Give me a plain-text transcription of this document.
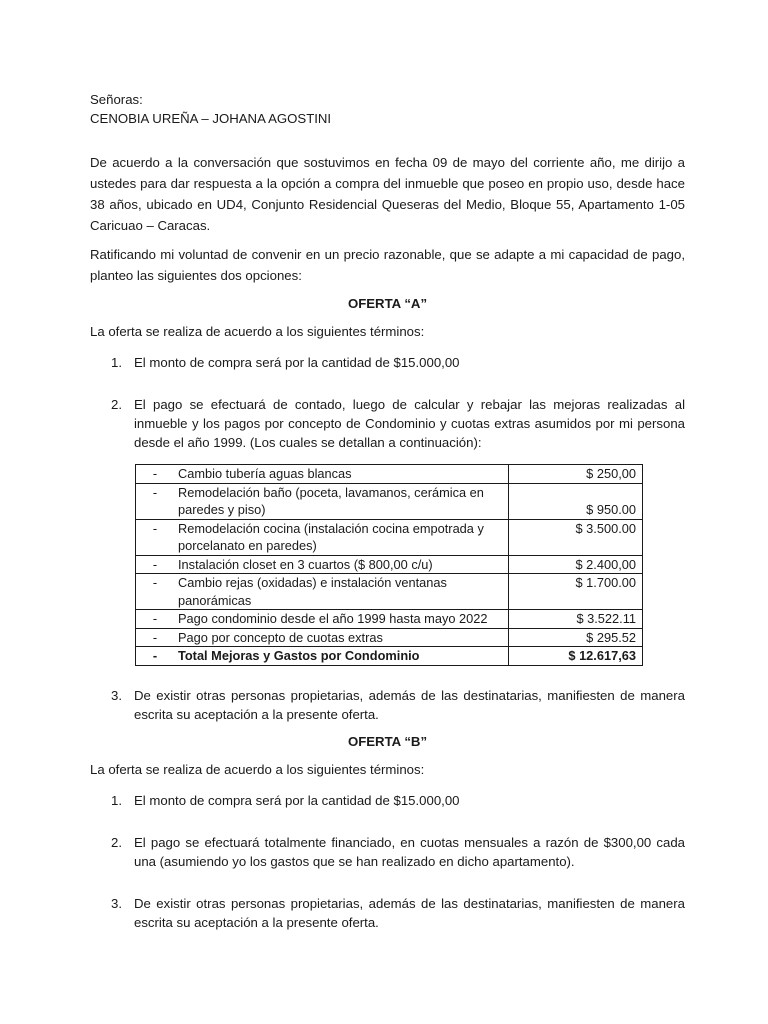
Señoras:
CENOBIA UREÑA – JOHANA AGOSTINI
De acuerdo a la conversación que sostuvimos en fecha 09 de mayo del corriente año, me dirijo a ustedes para dar respuesta a la opción a compra del inmueble que poseo en propio uso, desde hace 38 años, ubicado en UD4, Conjunto Residencial Queseras del Medio, Bloque 55, Apartamento 1-05 Caricuao – Caracas.
Ratificando mi voluntad de convenir en un precio razonable, que se adapte a mi capacidad de pago, planteo las siguientes dos opciones:
OFERTA “A”
La oferta se realiza de acuerdo a los siguientes términos:
1. El monto de compra será por la cantidad de $15.000,00
2. El pago se efectuará de contado, luego de calcular y rebajar las mejoras realizadas al inmueble y los pagos por concepto de Condominio y cuotas extras asumidos por mi persona desde el año 1999. (Los cuales se detallan a continuación):
-	Cambio tubería aguas blancas	$ 250,00
-	Remodelación baño (poceta, lavamanos, cerámica en paredes y piso)	$ 950.00
-	Remodelación cocina (instalación cocina empotrada y porcelanato en paredes)	$ 3.500.00
-	Instalación closet en 3 cuartos ($ 800,00 c/u)	$ 2.400,00
-	Cambio rejas (oxidadas) e instalación ventanas panorámicas	$ 1.700.00
-	Pago condominio desde el año 1999 hasta mayo 2022	$ 3.522.11
-	Pago por concepto de cuotas extras	$ 295.52
-	Total Mejoras y Gastos por Condominio	$ 12.617,63
3. De existir otras personas propietarias, además de las destinatarias, manifiesten de manera escrita su aceptación a la presente oferta.
OFERTA “B”
La oferta se realiza de acuerdo a los siguientes términos:
1. El monto de compra será por la cantidad de $15.000,00
2. El pago se efectuará totalmente financiado, en cuotas mensuales a razón de $300,00 cada una (asumiendo yo los gastos que se han realizado en dicho apartamento).
3. De existir otras personas propietarias, además de las destinatarias, manifiesten de manera escrita su aceptación a la presente oferta.
